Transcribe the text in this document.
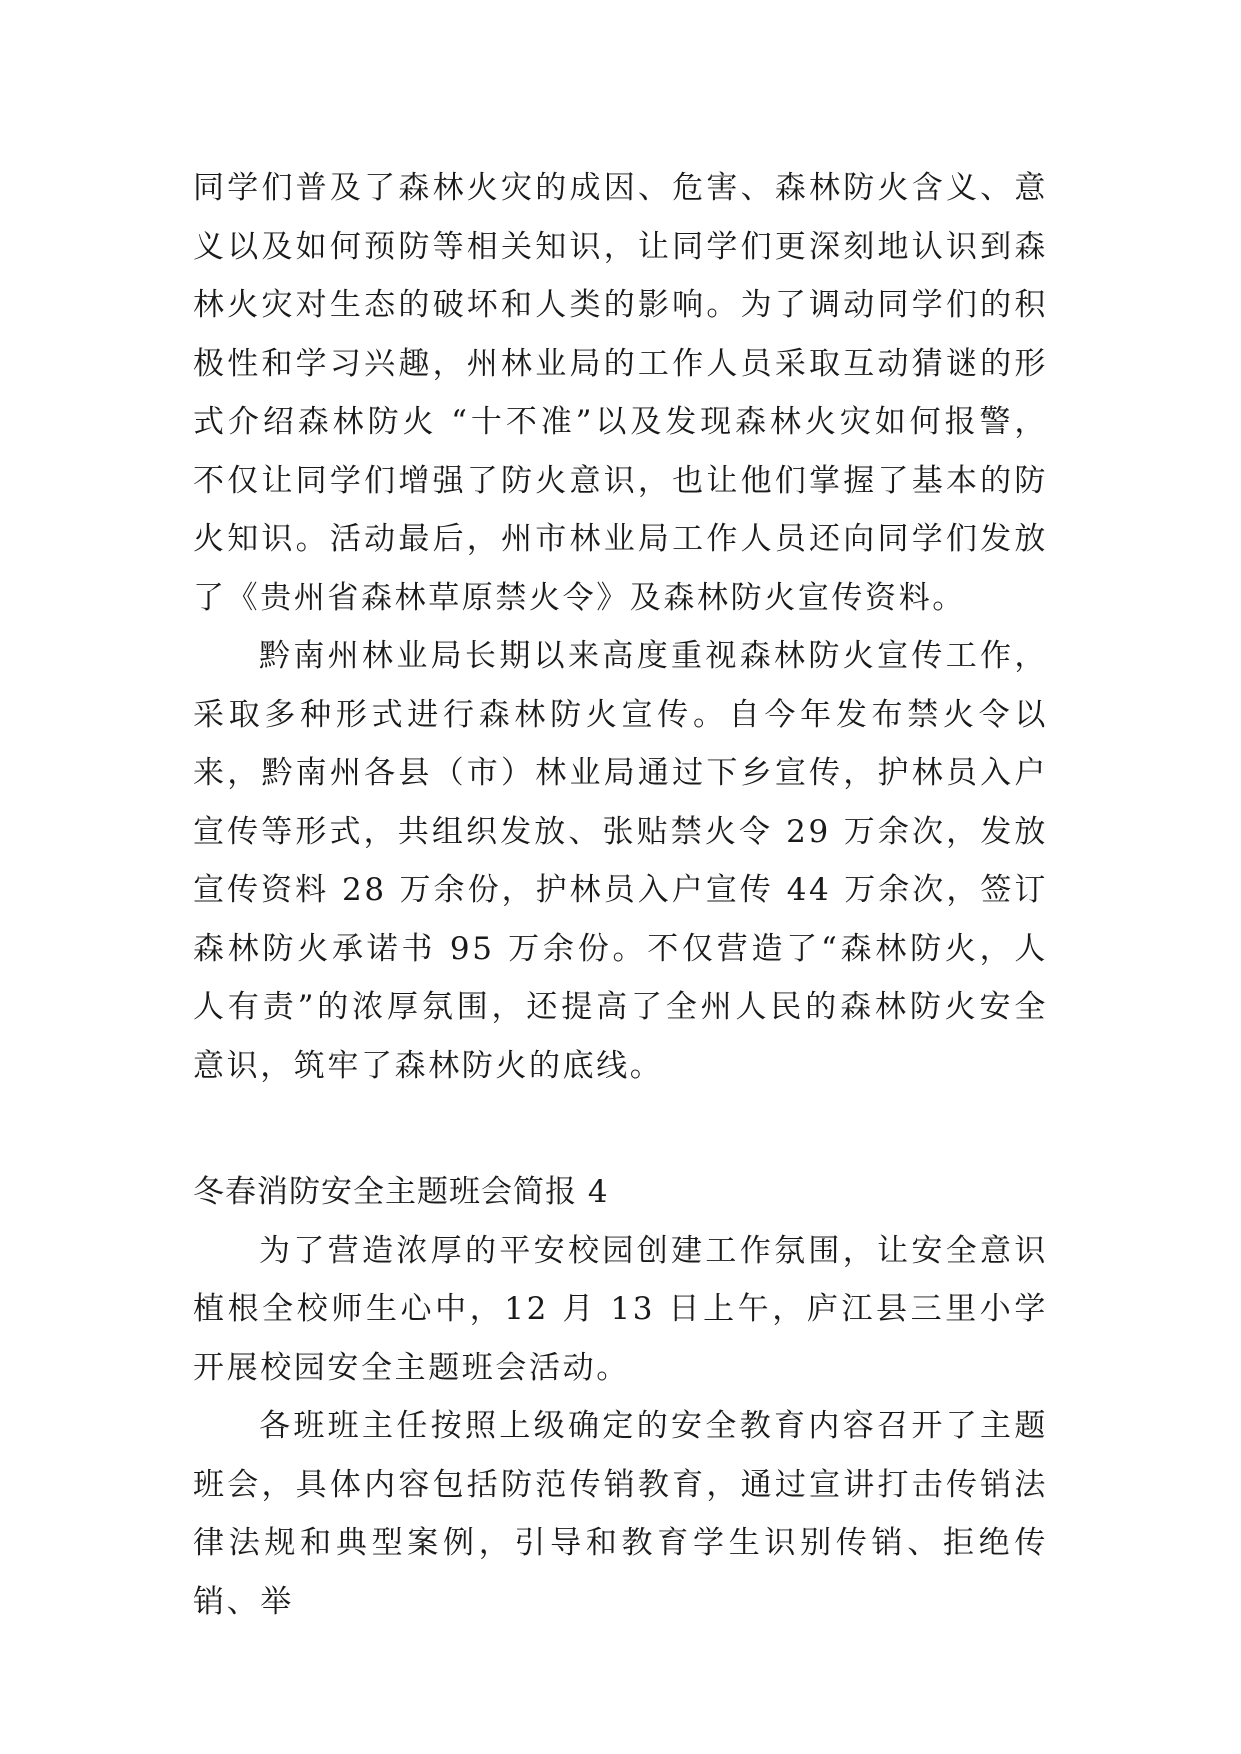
同学们普及了森林火灾的成因、危害、森林防火含义、意义以及如何预防等相关知识，让同学们更深刻地认识到森林火灾对生态的破坏和人类的影响。为了调动同学们的积极性和学习兴趣，州林业局的工作人员采取互动猜谜的形式介绍森林防火 “十不准”以及发现森林火灾如何报警，不仅让同学们增强了防火意识，也让他们掌握了基本的防火知识。活动最后，州市林业局工作人员还向同学们发放了《贵州省森林草原禁火令》及森林防火宣传资料。

黔南州林业局长期以来高度重视森林防火宣传工作，采取多种形式进行森林防火宣传。自今年发布禁火令以来，黔南州各县（市）林业局通过下乡宣传，护林员入户宣传等形式，共组织发放、张贴禁火令 29 万余次，发放宣传资料 28 万余份，护林员入户宣传 44 万余次，签订森林防火承诺书 95 万余份。不仅营造了“森林防火，人人有责”的浓厚氛围，还提高了全州人民的森林防火安全意识，筑牢了森林防火的底线。

冬春消防安全主题班会简报 4

为了营造浓厚的平安校园创建工作氛围，让安全意识植根全校师生心中，12 月 13 日上午，庐江县三里小学开展校园安全主题班会活动。

各班班主任按照上级确定的安全教育内容召开了主题班会，具体内容包括防范传销教育，通过宣讲打击传销法律法规和典型案例，引导和教育学生识别传销、拒绝传销、举
